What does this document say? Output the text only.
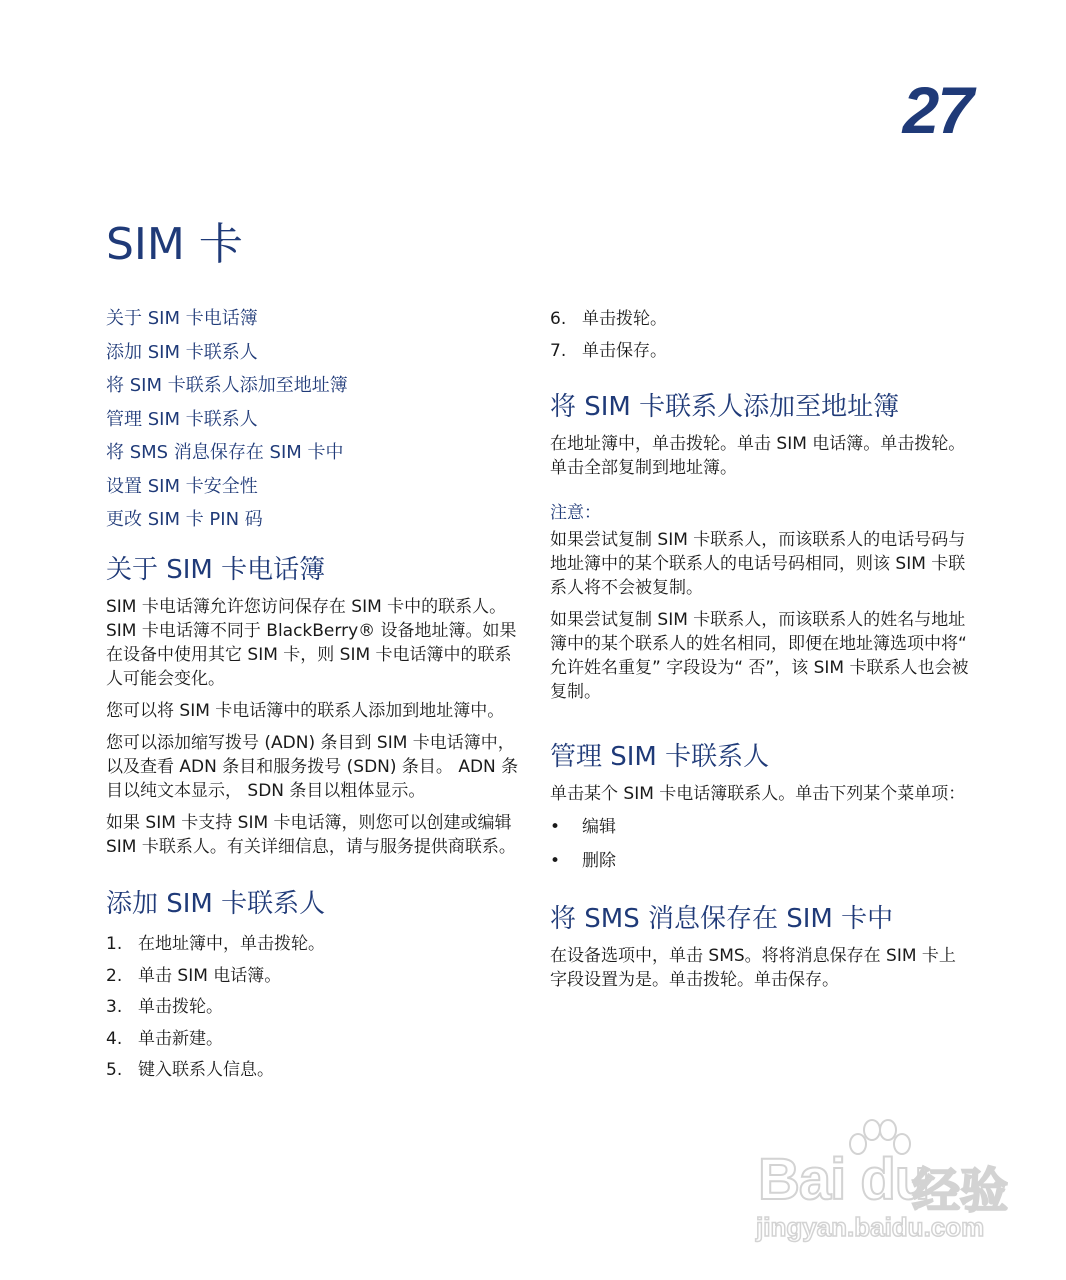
27
SIM 卡
关于 SIM 卡电话簿
添加 SIM 卡联系人
将 SIM 卡联系人添加至地址簿
管理 SIM 卡联系人
将 SMS 消息保存在 SIM 卡中
设置 SIM 卡安全性
更改 SIM 卡 PIN 码
关于 SIM 卡电话簿

SIM 卡电话簿允许您访问保存在 SIM 卡中的联系人。 SIM 卡电话簿不同于 BlackBerry® 设备地址簿。如果在设备中使用其它 SIM 卡，则 SIM 卡电话簿中的联系人可能会变化。

您可以将 SIM 卡电话簿中的联系人添加到地址簿中。

您可以添加缩写拨号 (ADN) 条目到 SIM 卡电话簿中，以及查看 ADN 条目和服务拨号 (SDN) 条目。 ADN 条目以纯文本显示， SDN 条目以粗体显示。

如果 SIM 卡支持 SIM 卡电话簿，则您可以创建或编辑 SIM 卡联系人。有关详细信息，请与服务提供商联系。

添加 SIM 卡联系人
1. 在地址簿中，单击拨轮。
2. 单击 SIM 电话簿。
3. 单击拨轮。
4. 单击新建。
5. 键入联系人信息。
6. 单击拨轮。
7. 单击保存。
将 SIM 卡联系人添加至地址簿

在地址簿中，单击拨轮。单击 SIM 电话簿。单击拨轮。单击全部复制到地址簿。

注意：

如果尝试复制 SIM 卡联系人，而该联系人的电话号码与地址簿中的某个联系人的电话号码相同，则该 SIM 卡联系人将不会被复制。

如果尝试复制 SIM 卡联系人，而该联系人的姓名与地址簿中的某个联系人的姓名相同，即便在地址簿选项中将“ 允许姓名重复” 字段设为“ 否”，该 SIM 卡联系人也会被复制。

管理 SIM 卡联系人

单击某个 SIM 卡电话簿联系人。单击下列某个菜单项：

•	编辑
•	删除
将 SMS 消息保存在 SIM 卡中

在设备选项中，单击 SMS。将将消息保存在 SIM 卡上字段设置为是。单击拨轮。单击保存。

Bai du
经验
jingyan.baidu.com
